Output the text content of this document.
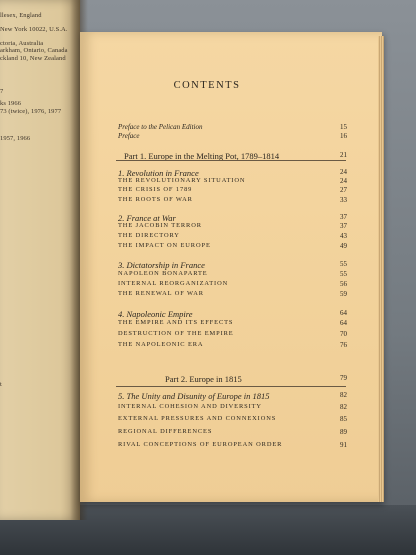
llesex, England
New York 10022, U.S.A.
ctoria, Australia
arkham, Ontario, Canada
ckland 10, New Zealand
7
ks 1966
73 (twice), 1976, 1977
1957, 1966
t
CONTENTS
Preface to the Pelican Edition	15
Preface	16
Part 1. Europe in the Melting Pot, 1789–1814	21
1. Revolution in France	24
THE REVOLUTIONARY SITUATION	24
THE CRISIS OF 1789	27
THE ROOTS OF WAR	33
2. France at War	37
THE JACOBIN TERROR	37
THE DIRECTORY	43
THE IMPACT ON EUROPE	49
3. Dictatorship in France	55
NAPOLEON BONAPARTE	55
INTERNAL REORGANIZATION	56
THE RENEWAL OF WAR	59
4. Napoleonic Empire	64
THE EMPIRE AND ITS EFFECTS	64
DESTRUCTION OF THE EMPIRE	70
THE NAPOLEONIC ERA	76
Part 2. Europe in 1815	79
5. The Unity and Disunity of Europe in 1815	82
INTERNAL COHESION AND DIVERSITY	82
EXTERNAL PRESSURES AND CONNEXIONS	85
REGIONAL DIFFERENCES	89
RIVAL CONCEPTIONS OF EUROPEAN ORDER	91
